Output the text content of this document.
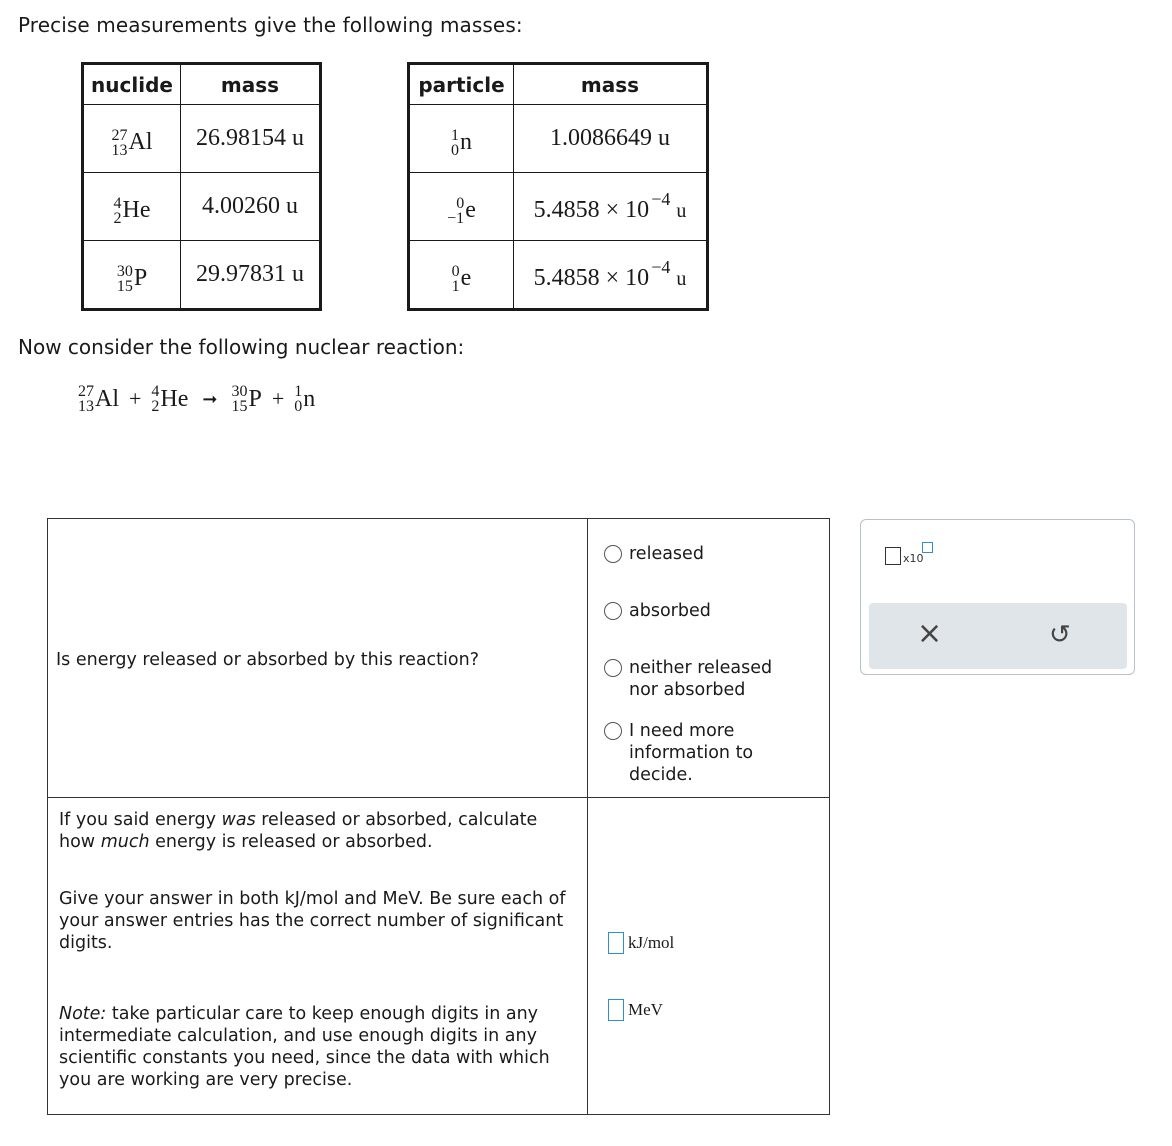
Precise measurements give the following masses:
nuclide	mass

27
13 Al	26.98154 u

4
2 He	4.00260 u

30
15 P	29.97831 u
particle	mass

1
0 n	1.0086649 u

0
−1 e	5.4858 × 10 $^{-4}$ u

0
1 e	5.4858 × 10 $^{-4}$ u
Now consider the following nuclear reaction:
27
13 Al + 4
2 He ➞ 30
15 P + 1
0 n
Is energy released or absorbed by this reaction?
released
absorbed
neither released nor absorbed
I need more information to decide.
If you said energy was released or absorbed, calculate how much energy is released or absorbed.
Give your answer in both kJ/mol and MeV. Be sure each of your answer entries has the correct number of significant digits.
Note: take particular care to keep enough digits in any intermediate calculation, and use enough digits in any scientific constants you need, since the data with which you are working are very precise.
kJ/mol
MeV
x10
×	↺
